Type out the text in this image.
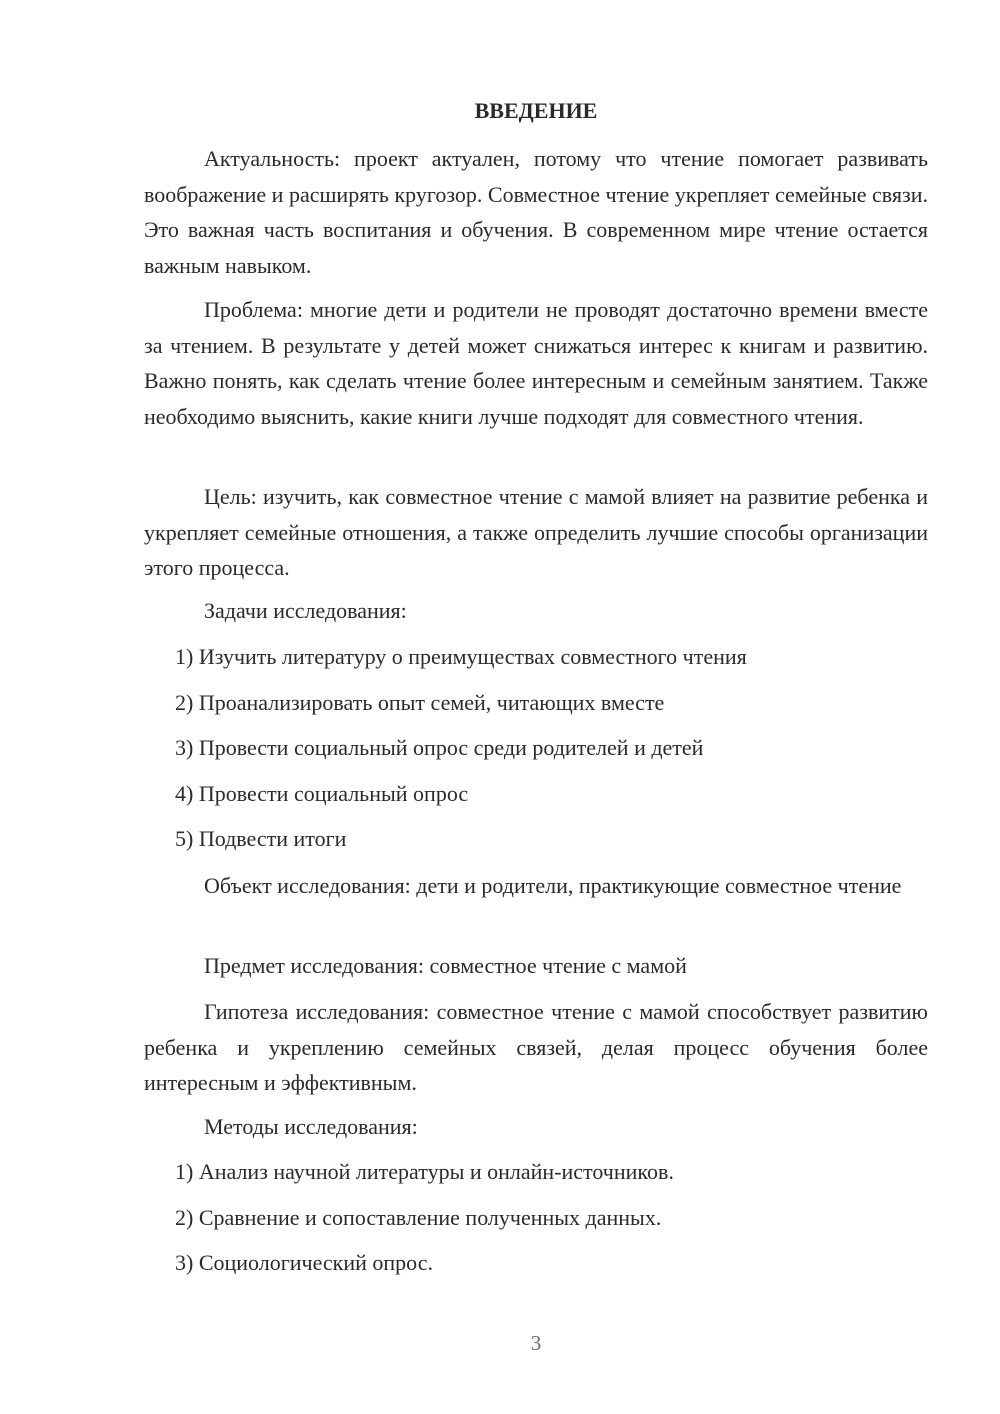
ВВЕДЕНИЕ

Актуальность: проект актуален, потому что чтение помогает развивать воображение и расширять кругозор. Совместное чтение укрепляет семейные связи. Это важная часть воспитания и обучения. В современном мире чтение остается важным навыком.

Проблема: многие дети и родители не проводят достаточно времени вместе за чтением. В результате у детей может снижаться интерес к книгам и развитию. Важно понять, как сделать чтение более интересным и семейным занятием. Также необходимо выяснить, какие книги лучше подходят для совместного чтения.

Цель: изучить, как совместное чтение с мамой влияет на развитие ребенка и укрепляет семейные отношения, а также определить лучшие способы организации этого процесса.

Задачи исследования:

1) Изучить литературу о преимуществах совместного чтения

2) Проанализировать опыт семей, читающих вместе

3) Провести социальный опрос среди родителей и детей

4) Провести социальный опрос

5) Подвести итоги

Объект исследования: дети и родители, практикующие совместное чтение

Предмет исследования: совместное чтение с мамой

Гипотеза исследования: совместное чтение с мамой способствует развитию ребенка и укреплению семейных связей, делая процесс обучения более интересным и эффективным.

Методы исследования:

1) Анализ научной литературы и онлайн-источников.

2) Сравнение и сопоставление полученных данных.

3) Социологический опрос.

3
